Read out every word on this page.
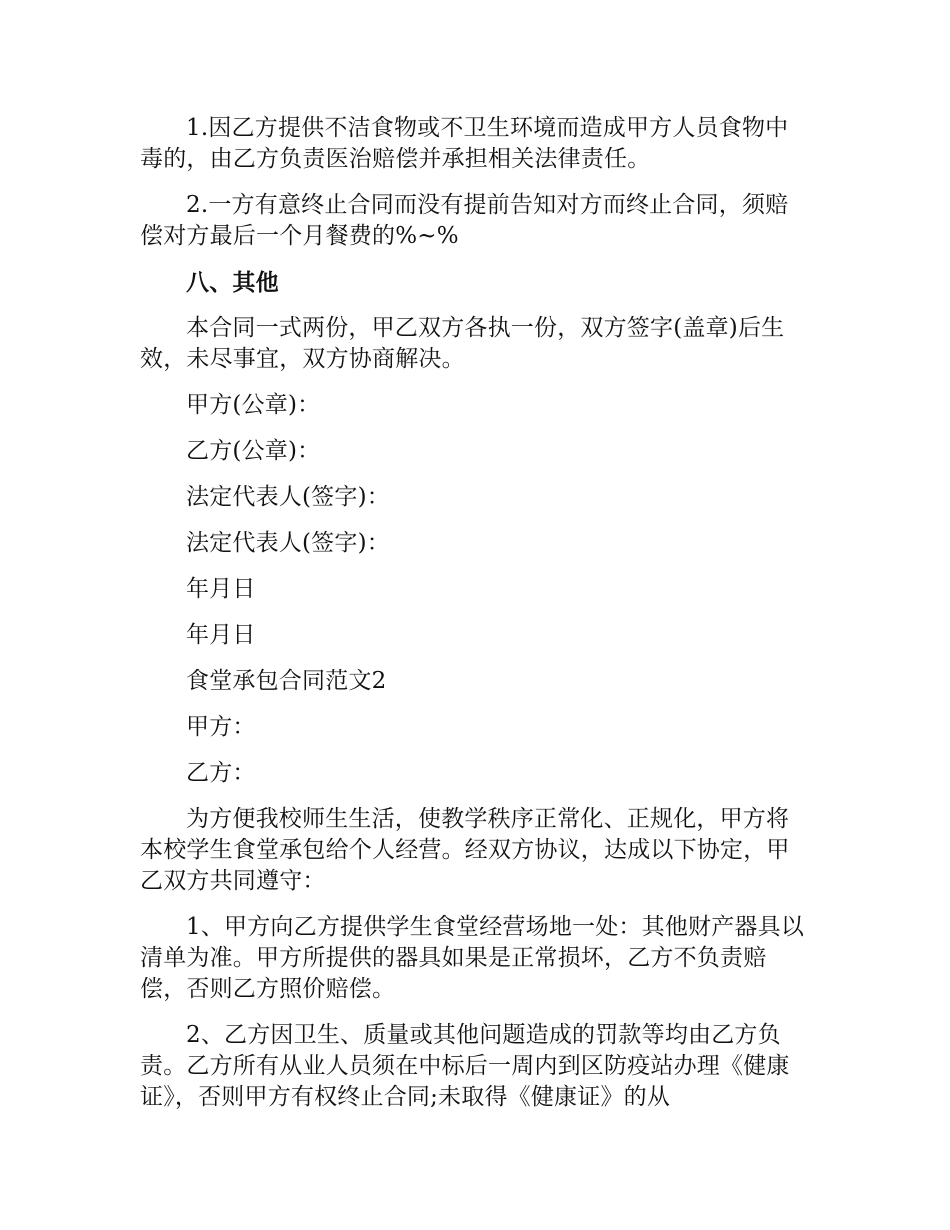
1.因乙方提供不洁食物或不卫生环境而造成甲方人员食物中毒的，由乙方负责医治赔偿并承担相关法律责任。

2.一方有意终止合同而没有提前告知对方而终止合同，须赔偿对方最后一个月餐费的%~%

八、其他

本合同一式两份，甲乙双方各执一份，双方签字(盖章)后生效，未尽事宜，双方协商解决。

甲方(公章)：

乙方(公章)：

法定代表人(签字)：

法定代表人(签字)：

年月日

年月日

食堂承包合同范文2

甲方：

乙方：

为方便我校师生生活，使教学秩序正常化、正规化，甲方将本校学生食堂承包给个人经营。经双方协议，达成以下协定，甲乙双方共同遵守：

1、甲方向乙方提供学生食堂经营场地一处：其他财产器具以清单为准。甲方所提供的器具如果是正常损坏，乙方不负责赔偿，否则乙方照价赔偿。

2、乙方因卫生、质量或其他问题造成的罚款等均由乙方负责。乙方所有从业人员须在中标后一周内到区防疫站办理《健康证》，否则甲方有权终止合同;未取得《健康证》的从
